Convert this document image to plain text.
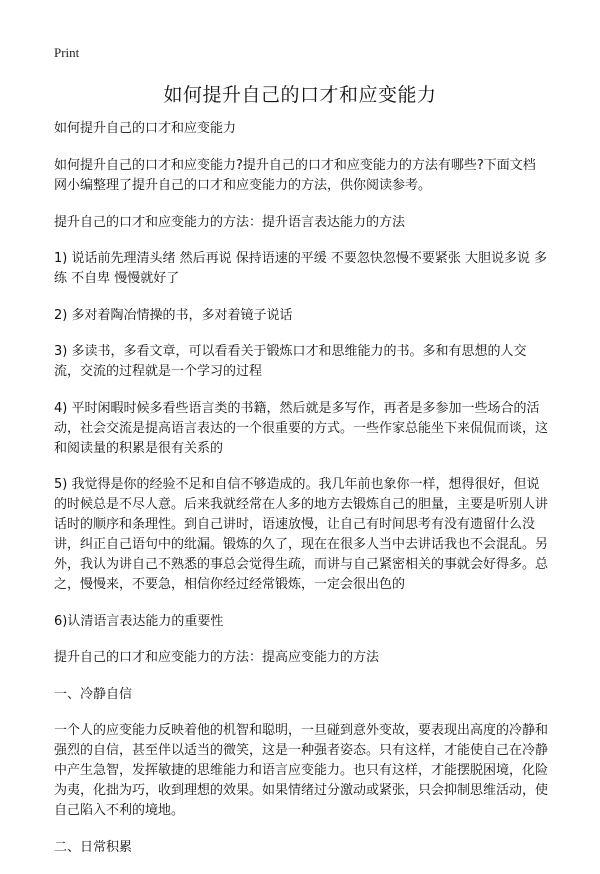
Print
如何提升自己的口才和应变能力

如何提升自己的口才和应变能力

如何提升自己的口才和应变能力?提升自己的口才和应变能力的方法有哪些?下面文档网小编整理了提升自己的口才和应变能力的方法，供你阅读参考。

提升自己的口才和应变能力的方法：提升语言表达能力的方法

1) 说话前先理清头绪 然后再说 保持语速的平缓 不要忽快忽慢不要紧张 大胆说多说 多练 不自卑 慢慢就好了

2) 多对着陶冶情操的书，多对着镜子说话

3) 多读书，多看文章，可以看看关于锻炼口才和思维能力的书。多和有思想的人交流，交流的过程就是一个学习的过程

4) 平时闲暇时候多看些语言类的书籍，然后就是多写作，再者是多参加一些场合的活动，社会交流是提高语言表达的一个很重要的方式。一些作家总能坐下来侃侃而谈，这和阅读量的积累是很有关系的

5) 我觉得是你的经验不足和自信不够造成的。我几年前也象你一样，想得很好，但说的时候总是不尽人意。后来我就经常在人多的地方去锻炼自己的胆量，主要是听别人讲话时的顺序和条理性。到自己讲时，语速放慢，让自己有时间思考有没有遗留什么没讲，纠正自己语句中的纰漏。锻炼的久了，现在在很多人当中去讲话我也不会混乱。另外，我认为讲自己不熟悉的事总会觉得生疏，而讲与自己紧密相关的事就会好得多。总之，慢慢来，不要急，相信你经过经常锻炼，一定会很出色的

6)认清语言表达能力的重要性

提升自己的口才和应变能力的方法：提高应变能力的方法

一、冷静自信

一个人的应变能力反映着他的机智和聪明，一旦碰到意外变故，要表现出高度的冷静和强烈的自信，甚至伴以适当的微笑，这是一种强者姿态。只有这样，才能使自己在冷静中产生急智，发挥敏捷的思维能力和语言应变能力。也只有这样，才能摆脱困境，化险为夷，化拙为巧，收到理想的效果。如果情绪过分激动或紧张，只会抑制思维活动，使自己陷入不利的境地。

二、日常积累
